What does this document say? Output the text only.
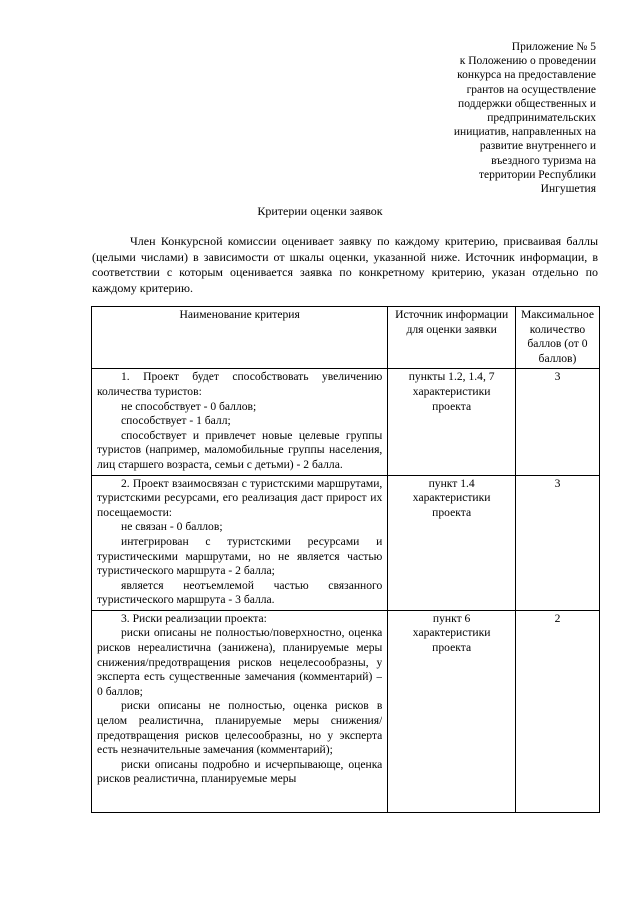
Приложение № 5
к Положению о проведении
конкурса на предоставление
грантов на осуществление
поддержки общественных и
предпринимательских
инициатив, направленных на
развитие внутреннего и
въездного туризма на
территории Республики
Ингушетия
Критерии оценки заявок

Член Конкурсной комиссии оценивает заявку по каждому критерию, присваивая баллы (целыми числами) в зависимости от шкалы оценки, указанной ниже. Источник информации, в соответствии с которым оценивается заявка по конкретному критерию, указан отдельно по каждому критерию.

Наименование критерия	Источник информации для оценки заявки	Максимальное количество баллов (от 0 баллов)

1. Проект будет способствовать увеличению количества туристов:

не способствует - 0 баллов;

способствует - 1 балл;

способствует и привлечет новые целевые группы туристов (например, маломобильные группы населения, лиц старшего возраста, семьи с детьми) - 2 балла.	пункты 1.2, 1.4, 7 характеристики проекта	3

2. Проект взаимосвязан с туристскими маршрутами, туристскими ресурсами, его реализация даст прирост их посещаемости:

не связан - 0 баллов;

интегрирован с туристскими ресурсами и туристическими маршрутами, но не является частью туристического маршрута - 2 балла;

является неотъемлемой частью связанного туристического маршрута - 3 балла.	пункт 1.4 характеристики проекта	3

3. Риски реализации проекта:

риски описаны не полностью/поверхностно, оценка рисков нереалистична (занижена), планируемые меры снижения/предотвращения рисков нецелесообразны, у эксперта есть существенные замечания (комментарий) – 0 баллов;

риски описаны не полностью, оценка рисков в целом реалистична, планируемые меры снижения/предотвращения рисков целесообразны, но у эксперта есть незначительные замечания (комментарий);

риски описаны подробно и исчерпывающе, оценка рисков реалистична, планируемые меры	пункт 6 характеристики проекта	2
